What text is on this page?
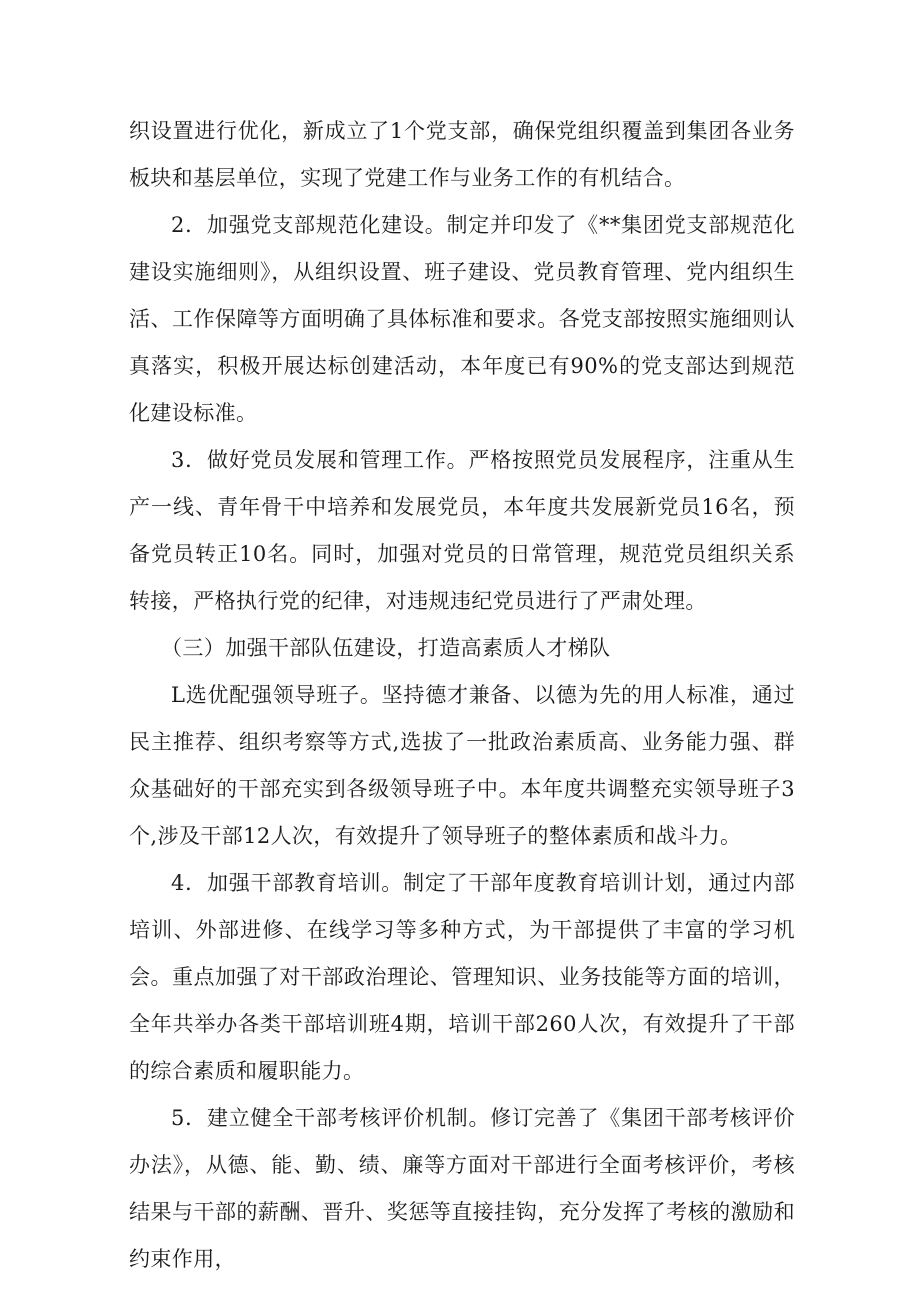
织设置进行优化，新成立了1个党支部，确保党组织覆盖到集团各业务板块和基层单位，实现了党建工作与业务工作的有机结合。

2．加强党支部规范化建设。制定并印发了《**集团党支部规范化建设实施细则》，从组织设置、班子建设、党员教育管理、党内组织生活、工作保障等方面明确了具体标准和要求。各党支部按照实施细则认真落实，积极开展达标创建活动，本年度已有90%的党支部达到规范化建设标准。

3．做好党员发展和管理工作。严格按照党员发展程序，注重从生产一线、青年骨干中培养和发展党员，本年度共发展新党员16名，预备党员转正10名。同时，加强对党员的日常管理，规范党员组织关系转接，严格执行党的纪律，对违规违纪党员进行了严肃处理。

（三）加强干部队伍建设，打造高素质人才梯队

L选优配强领导班子。坚持德才兼备、以德为先的用人标准，通过民主推荐、组织考察等方式,选拔了一批政治素质高、业务能力强、群众基础好的干部充实到各级领导班子中。本年度共调整充实领导班子3个,涉及干部12人次，有效提升了领导班子的整体素质和战斗力。

4．加强干部教育培训。制定了干部年度教育培训计划，通过内部培训、外部进修、在线学习等多种方式，为干部提供了丰富的学习机会。重点加强了对干部政治理论、管理知识、业务技能等方面的培训，全年共举办各类干部培训班4期，培训干部260人次，有效提升了干部的综合素质和履职能力。

5．建立健全干部考核评价机制。修订完善了《集团干部考核评价办法》，从德、能、勤、绩、廉等方面对干部进行全面考核评价，考核结果与干部的薪酬、晋升、奖惩等直接挂钩，充分发挥了考核的激励和约束作用，
